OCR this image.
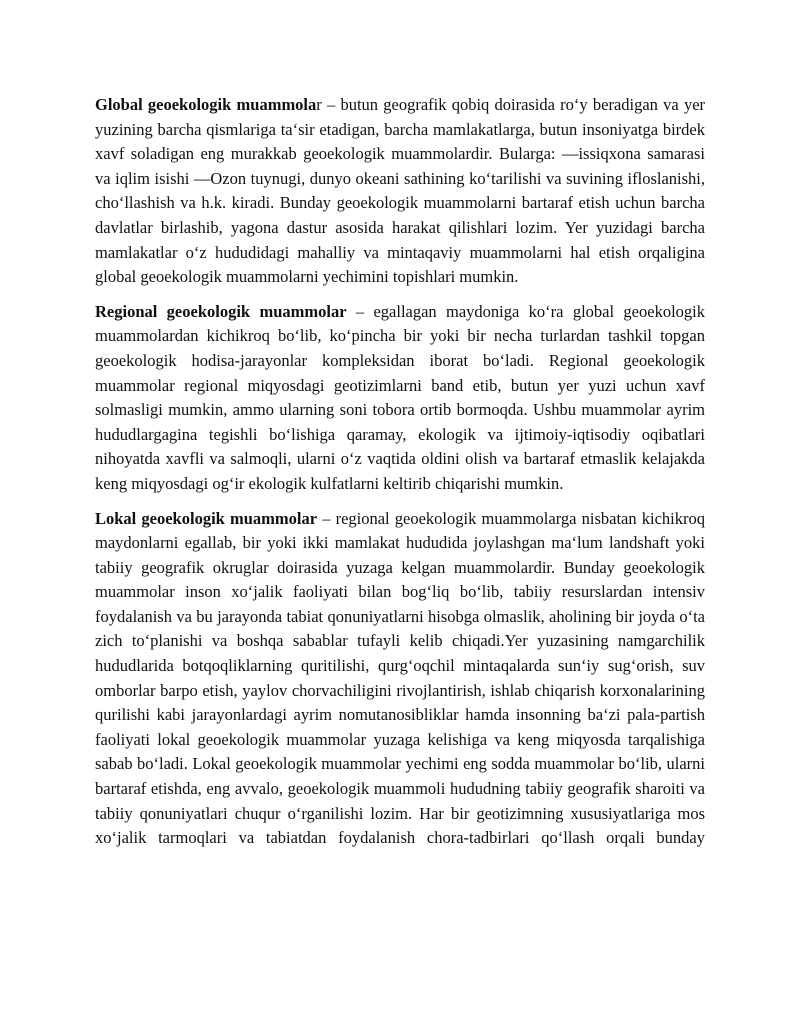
Global geoekologik muammolar – butun geografik qobiq doirasida ro‘y beradigan va yer yuzining barcha qismlariga ta‘sir etadigan, barcha mamlakatlarga, butun insoniyatga birdek xavf soladigan eng murakkab geoekologik muammolardir. Bularga: ―issiqxona samarasi va iqlim isishi ―Ozon tuynugi, dunyo okeani sathining ko‘tarilishi va suvining ifloslanishi, cho‘llashish va h.k. kiradi. Bunday geoekologik muammolarni bartaraf etish uchun barcha davlatlar birlashib, yagona dastur asosida harakat qilishlari lozim. Yer yuzidagi barcha mamlakatlar o‘z hududidagi mahalliy va mintaqaviy muammolarni hal etish orqaligina global geoekologik muammolarni yechimini topishlari mumkin.

Regional geoekologik muammolar – egallagan maydoniga ko‘ra global geoekologik muammolardan kichikroq bo‘lib, ko‘pincha bir yoki bir necha turlardan tashkil topgan geoekologik hodisa-jarayonlar kompleksidan iborat bo‘ladi. Regional geoekologik muammolar regional miqyosdagi geotizimlarni band etib, butun yer yuzi uchun xavf solmasligi mumkin, ammo ularning soni tobora ortib bormoqda. Ushbu muammolar ayrim hududlargagina tegishli bo‘lishiga qaramay, ekologik va ijtimoiy-iqtisodiy oqibatlari nihoyatda xavfli va salmoqli, ularni o‘z vaqtida oldini olish va bartaraf etmaslik kelajakda keng miqyosdagi og‘ir ekologik kulfatlarni keltirib chiqarishi mumkin.

Lokal geoekologik muammolar – regional geoekologik muammolarga nisbatan kichikroq maydonlarni egallab, bir yoki ikki mamlakat hududida joylashgan ma‘lum landshaft yoki tabiiy geografik okruglar doirasida yuzaga kelgan muammolardir. Bunday geoekologik muammolar inson xo‘jalik faoliyati bilan bog‘liq bo‘lib, tabiiy resurslardan intensiv foydalanish va bu jarayonda tabiat qonuniyatlarni hisobga olmaslik, aholining bir joyda o‘ta zich to‘planishi va boshqa sabablar tufayli kelib chiqadi.Yer yuzasining namgarchilik hududlarida botqoqliklarning quritilishi, qurg‘oqchil mintaqalarda sun‘iy sug‘orish, suv omborlar barpo etish, yaylov chorvachiligini rivojlantirish, ishlab chiqarish korxonalarining qurilishi kabi jarayonlardagi ayrim nomutanosibliklar hamda insonning ba‘zi pala-partish faoliyati lokal geoekologik muammolar yuzaga kelishiga va keng miqyosda tarqalishiga sabab bo‘ladi. Lokal geoekologik muammolar yechimi eng sodda muammolar bo‘lib, ularni bartaraf etishda, eng avvalo, geoekologik muammoli hududning tabiiy geografik sharoiti va tabiiy qonuniyatlari chuqur o‘rganilishi lozim. Har bir geotizimning xususiyatlariga mos xo‘jalik tarmoqlari va tabiatdan foydalanish chora-tadbirlari qo‘llash orqali bunday
